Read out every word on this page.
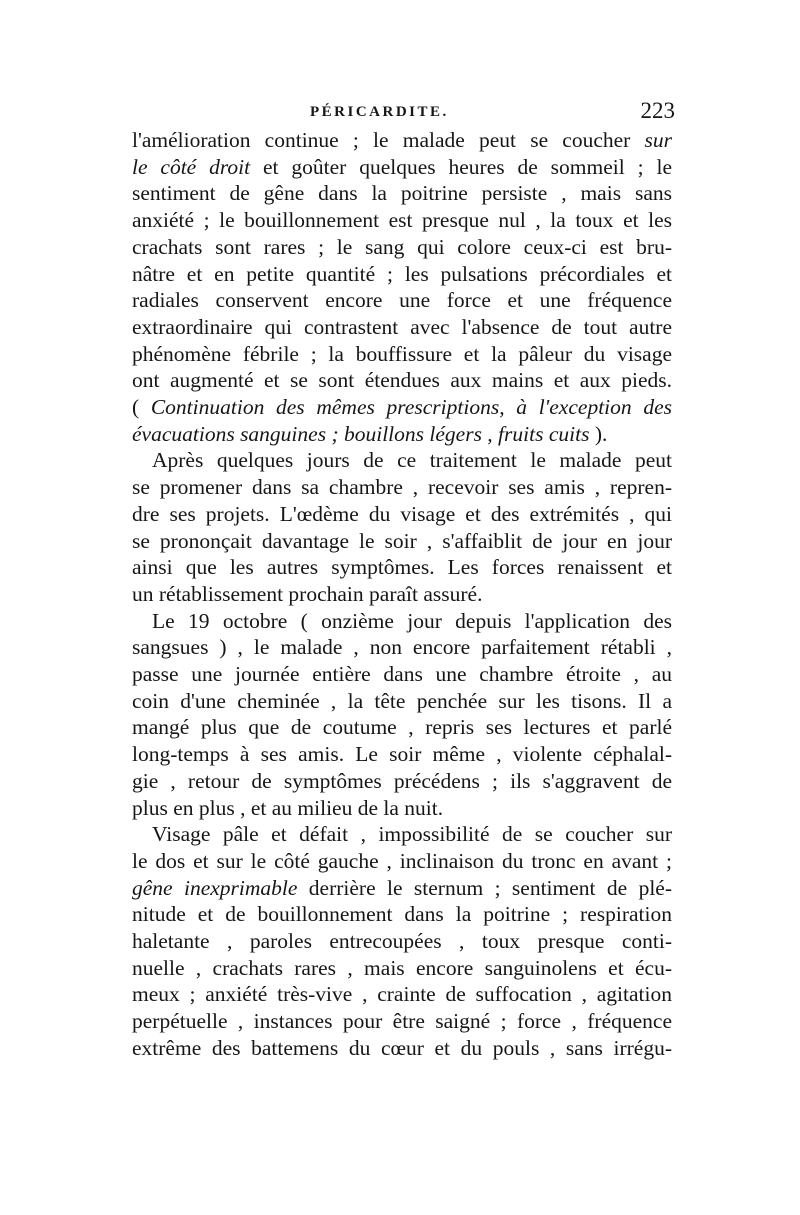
PÉRICARDITE.	223
l'amélioration continue ; le malade peut se coucher sur
le côté droit et goûter quelques heures de sommeil ; le
sentiment de gêne dans la poitrine persiste , mais sans
anxiété ; le bouillonnement est presque nul , la toux et les
crachats sont rares ; le sang qui colore ceux-ci est bru-
nâtre et en petite quantité ; les pulsations précordiales et
radiales conservent encore une force et une fréquence
extraordinaire qui contrastent avec l'absence de tout autre
phénomène fébrile ; la bouffissure et la pâleur du visage
ont augmenté et se sont étendues aux mains et aux pieds.
( Continuation des mêmes prescriptions, à l'exception des
évacuations sanguines ; bouillons légers , fruits cuits ).
Après quelques jours de ce traitement le malade peut
se promener dans sa chambre , recevoir ses amis , repren-
dre ses projets. L'œdème du visage et des extrémités , qui
se prononçait davantage le soir , s'affaiblit de jour en jour
ainsi que les autres symptômes. Les forces renaissent et
un rétablissement prochain paraît assuré.
Le 19 octobre ( onzième jour depuis l'application des
sangsues ) , le malade , non encore parfaitement rétabli ,
passe une journée entière dans une chambre étroite , au
coin d'une cheminée , la tête penchée sur les tisons. Il a
mangé plus que de coutume , repris ses lectures et parlé
long-temps à ses amis. Le soir même , violente céphalal-
gie , retour de symptômes précédens ; ils s'aggravent de
plus en plus , et au milieu de la nuit.
Visage pâle et défait , impossibilité de se coucher sur
le dos et sur le côté gauche , inclinaison du tronc en avant ;
gêne inexprimable derrière le sternum ; sentiment de plé-
nitude et de bouillonnement dans la poitrine ; respiration
haletante , paroles entrecoupées , toux presque conti-
nuelle , crachats rares , mais encore sanguinolens et écu-
meux ; anxiété très-vive , crainte de suffocation , agitation
perpétuelle , instances pour être saigné ; force , fréquence
extrême des battemens du cœur et du pouls , sans irrégu-
